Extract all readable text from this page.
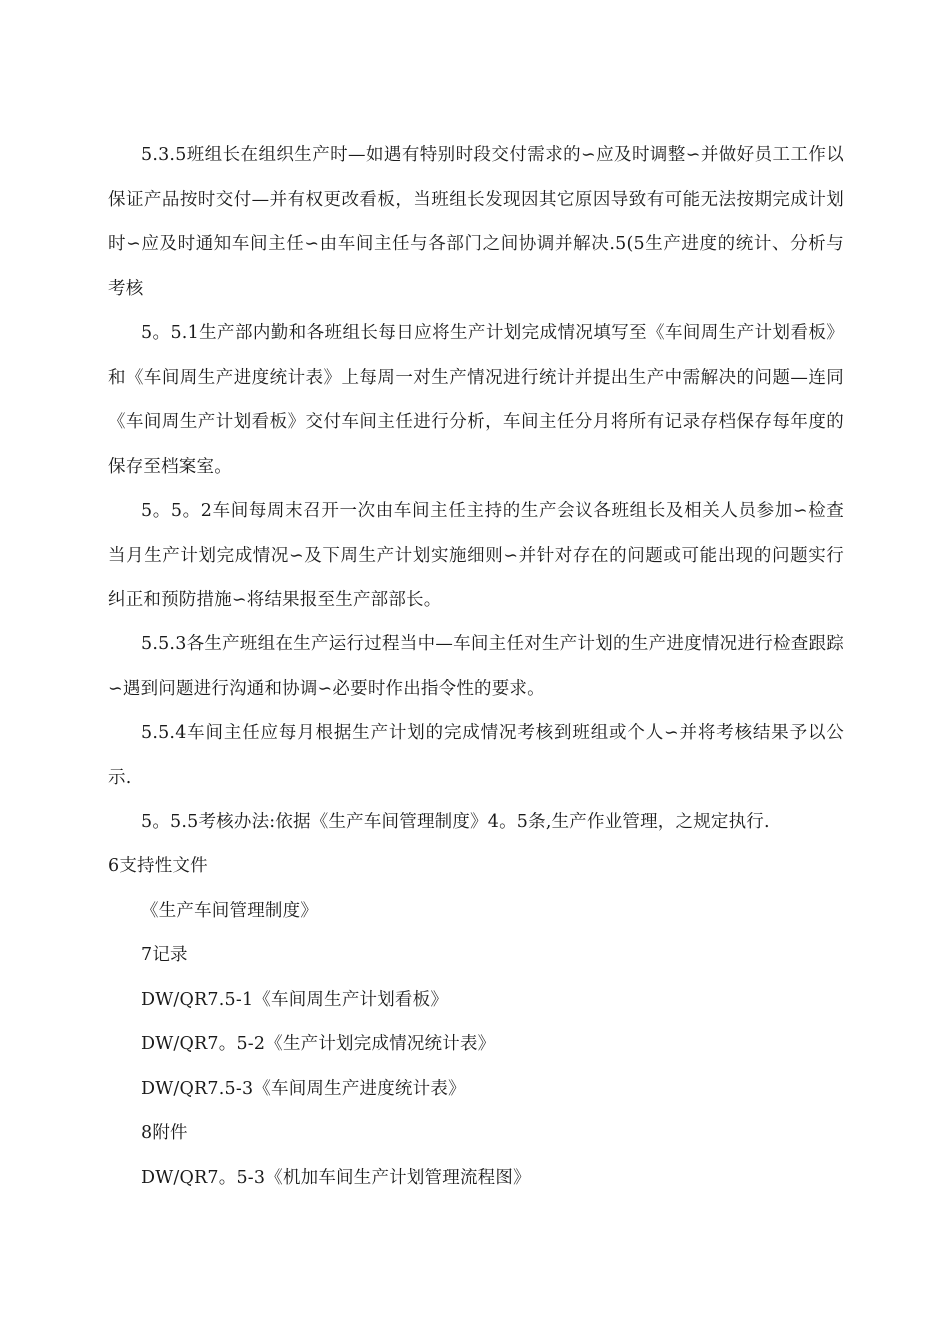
5.3.5班组长在组织生产时—如遇有特别时段交付需求的∽应及时调整∽并做好员工工作以保证产品按时交付—并有权更改看板，当班组长发现因其它原因导致有可能无法按期完成计划时∽应及时通知车间主任∽由车间主任与各部门之间协调并解决.5(5生产进度的统计、分析与考核

5。5.1生产部内勤和各班组长每日应将生产计划完成情况填写至《车间周生产计划看板》和《车间周生产进度统计表》上每周一对生产情况进行统计并提出生产中需解决的问题—连同《车间周生产计划看板》交付车间主任进行分析，车间主任分月将所有记录存档保存每年度的保存至档案室。

5。5。2车间每周末召开一次由车间主任主持的生产会议各班组长及相关人员参加∽检查当月生产计划完成情况∽及下周生产计划实施细则∽并针对存在的问题或可能出现的问题实行纠正和预防措施∽将结果报至生产部部长。

5.5.3各生产班组在生产运行过程当中—车间主任对生产计划的生产进度情况进行检查跟踪∽遇到问题进行沟通和协调∽必要时作出指令性的要求。

5.5.4车间主任应每月根据生产计划的完成情况考核到班组或个人∽并将考核结果予以公示.

5。5.5考核办法:依据《生产车间管理制度》4。5条,生产作业管理，之规定执行.

6支持性文件
《生产车间管理制度》
7记录
DW/QR7.5-1《车间周生产计划看板》
DW/QR7。5-2《生产计划完成情况统计表》
DW/QR7.5-3《车间周生产进度统计表》
8附件
DW/QR7。5-3《机加车间生产计划管理流程图》
